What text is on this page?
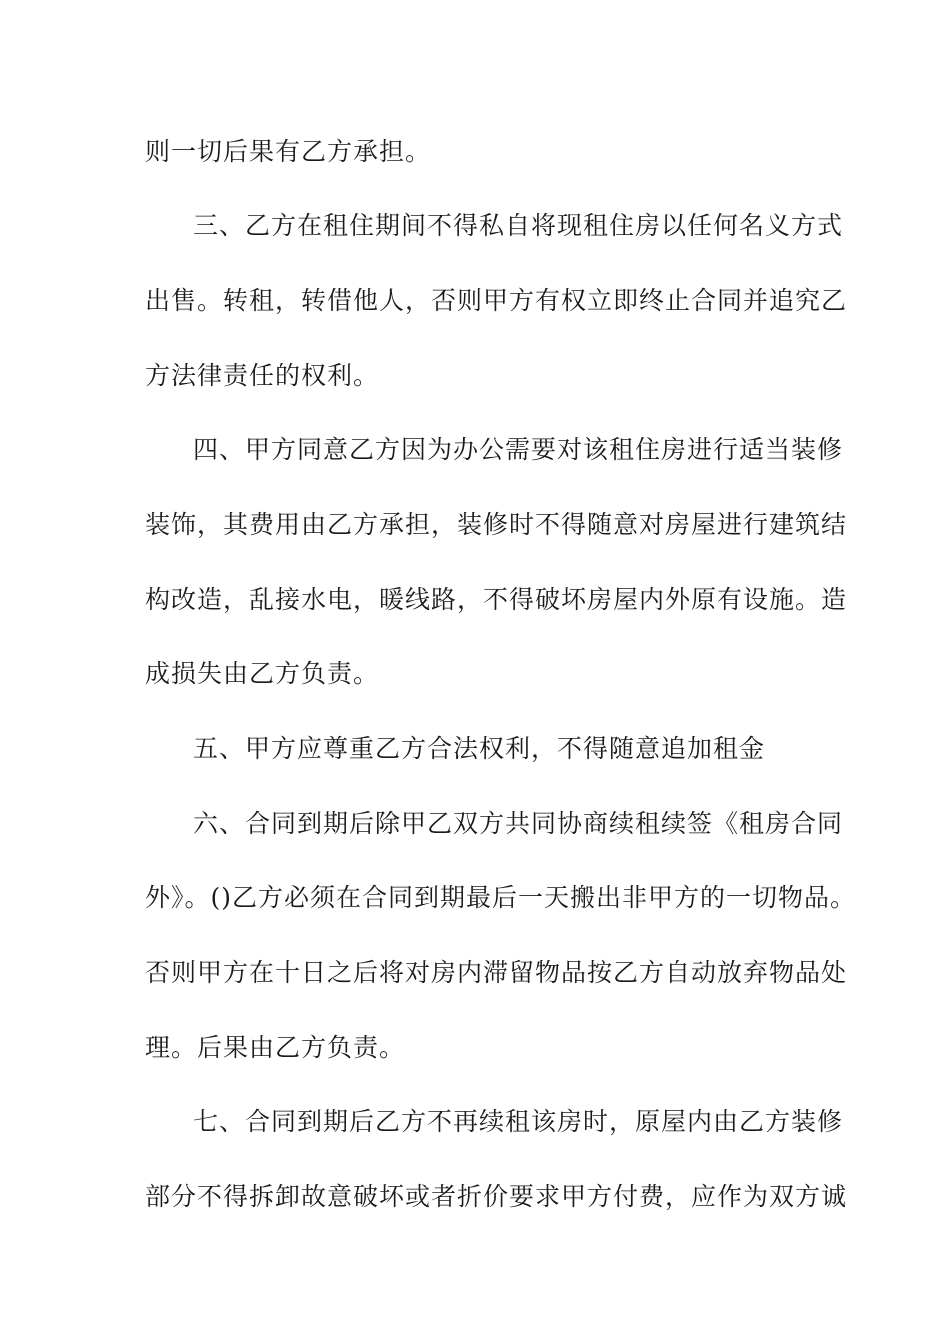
则一切后果有乙方承担。
三、乙方在租住期间不得私自将现租住房以任何名义方式
出售。转租，转借他人，否则甲方有权立即终止合同并追究乙
方法律责任的权利。
四、甲方同意乙方因为办公需要对该租住房进行适当装修
装饰，其费用由乙方承担，装修时不得随意对房屋进行建筑结
构改造，乱接水电，暖线路，不得破坏房屋内外原有设施。造
成损失由乙方负责。
五、甲方应尊重乙方合法权利，不得随意追加租金
六、合同到期后除甲乙双方共同协商续租续签《租房合同
外》。()乙方必须在合同到期最后一天搬出非甲方的一切物品。
否则甲方在十日之后将对房内滞留物品按乙方自动放弃物品处
理。后果由乙方负责。
七、合同到期后乙方不再续租该房时，原屋内由乙方装修
部分不得拆卸故意破坏或者折价要求甲方付费，应作为双方诚
